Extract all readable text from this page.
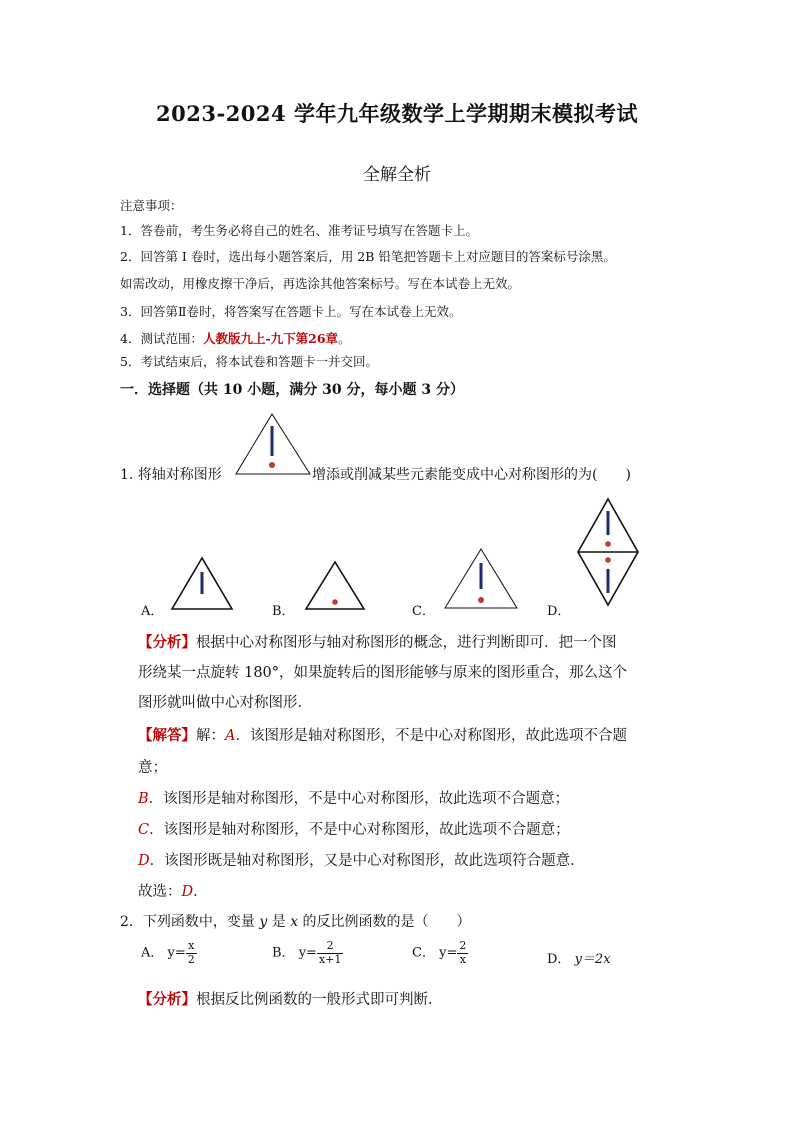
2023-2024 学年九年级数学上学期期末模拟考试
全解全析
注意事项：
1．答卷前，考生务必将自己的姓名、准考证号填写在答题卡上。
2．回答第 I 卷时，选出每小题答案后，用 2B 铅笔把答题卡上对应题目的答案标号涂黑。
如需改动，用橡皮擦干净后，再选涂其他答案标号。写在本试卷上无效。
3．回答第Ⅱ卷时，将答案写在答题卡上。写在本试卷上无效。
4．测试范围：人教版九上-九下第26章。
5．考试结束后，将本试卷和答题卡一并交回。
一．选择题（共 10 小题，满分 30 分，每小题 3 分）
1. 将轴对称图形	增添或削减某些元素能变成中心对称图形的为(　　)
A．	B．	C．	D．
【分析】根据中心对称图形与轴对称图形的概念，进行判断即可．把一个图
形绕某一点旋转 180°，如果旋转后的图形能够与原来的图形重合，那么这个
图形就叫做中心对称图形．
【解答】解：A．该图形是轴对称图形，不是中心对称图形，故此选项不合题
意；
B．该图形是轴对称图形，不是中心对称图形，故此选项不合题意；
C．该图形是轴对称图形，不是中心对称图形，故此选项不合题意；
D．该图形既是轴对称图形，又是中心对称图形，故此选项符合题意．
故选：D．
2．下列函数中，变量 y 是 x 的反比例函数的是（　　）
A． $y= \frac{x}{2}$	B． $y= \frac{2}{x+1}$	C． $y= \frac{2}{x}$	D． y＝2x
【分析】根据反比例函数的一般形式即可判断．
